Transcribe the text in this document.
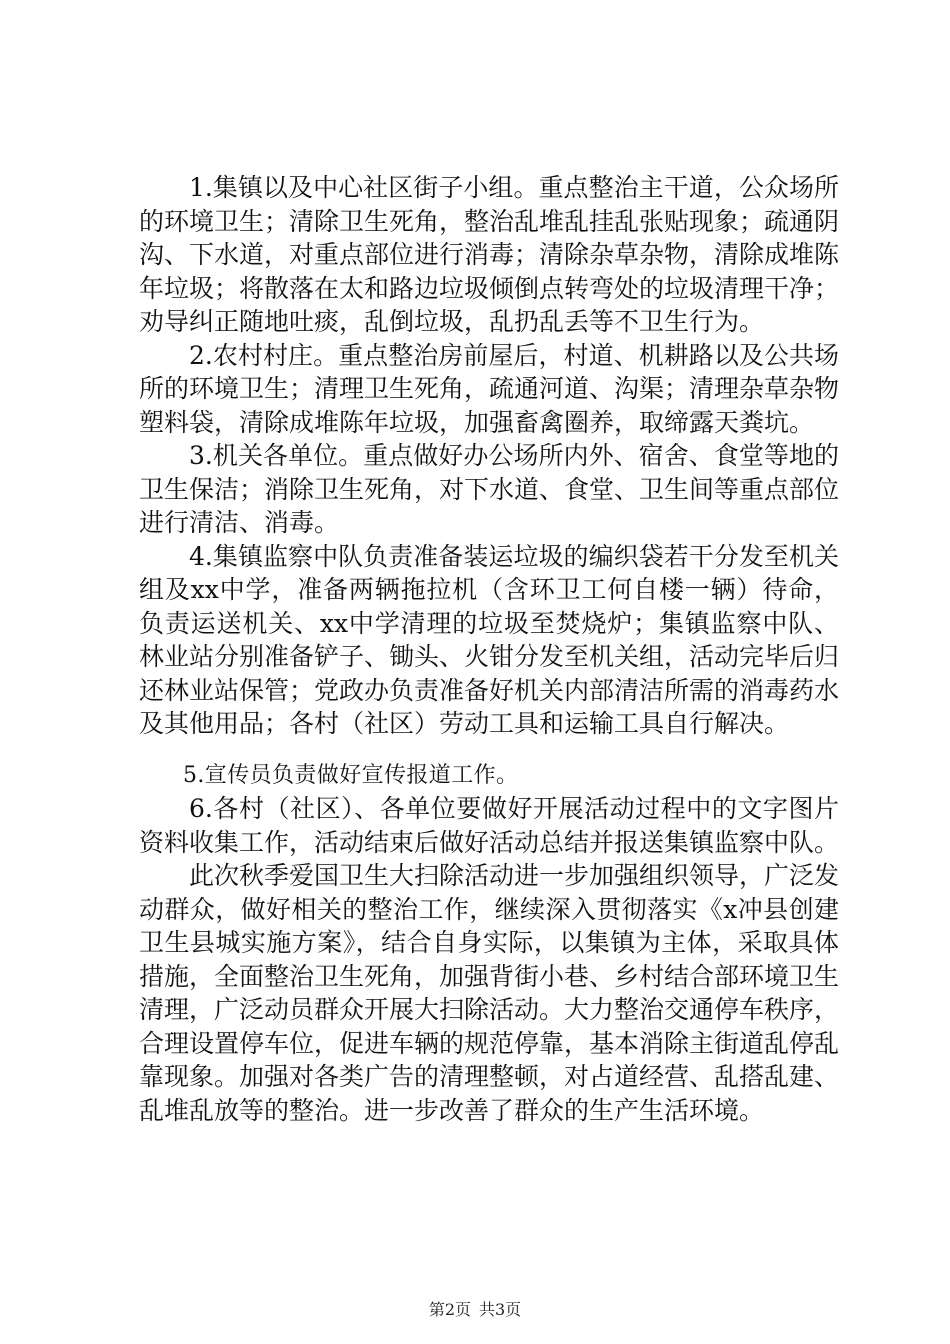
1.集镇以及中心社区街子小组。重点整治主干道，公众场所的环境卫生；清除卫生死角，整治乱堆乱挂乱张贴现象；疏通阴沟、下水道，对重点部位进行消毒；清除杂草杂物，清除成堆陈年垃圾；将散落在太和路边垃圾倾倒点转弯处的垃圾清理干净；劝导纠正随地吐痰，乱倒垃圾，乱扔乱丢等不卫生行为。

2.农村村庄。重点整治房前屋后，村道、机耕路以及公共场所的环境卫生；清理卫生死角，疏通河道、沟渠；清理杂草杂物塑料袋，清除成堆陈年垃圾，加强畜禽圈养，取缔露天粪坑。

3.机关各单位。重点做好办公场所内外、宿舍、食堂等地的卫生保洁；消除卫生死角，对下水道、食堂、卫生间等重点部位进行清洁、消毒。

4.集镇监察中队负责准备装运垃圾的编织袋若干分发至机关组及xx中学，准备两辆拖拉机（含环卫工何自楼一辆）待命，负责运送机关、xx中学清理的垃圾至焚烧炉；集镇监察中队、林业站分别准备铲子、锄头、火钳分发至机关组，活动完毕后归还林业站保管；党政办负责准备好机关内部清洁所需的消毒药水及其他用品；各村（社区）劳动工具和运输工具自行解决。

5.宣传员负责做好宣传报道工作。

6.各村（社区）、各单位要做好开展活动过程中的文字图片资料收集工作，活动结束后做好活动总结并报送集镇监察中队。

此次秋季爱国卫生大扫除活动进一步加强组织领导，广泛发动群众，做好相关的整治工作，继续深入贯彻落实《x冲县创建卫生县城实施方案》，结合自身实际，以集镇为主体，采取具体措施，全面整治卫生死角，加强背街小巷、乡村结合部环境卫生清理，广泛动员群众开展大扫除活动。大力整治交通停车秩序，合理设置停车位，促进车辆的规范停靠，基本消除主街道乱停乱靠现象。加强对各类广告的清理整顿，对占道经营、乱搭乱建、乱堆乱放等的整治。进一步改善了群众的生产生活环境。

第2页 共3页
